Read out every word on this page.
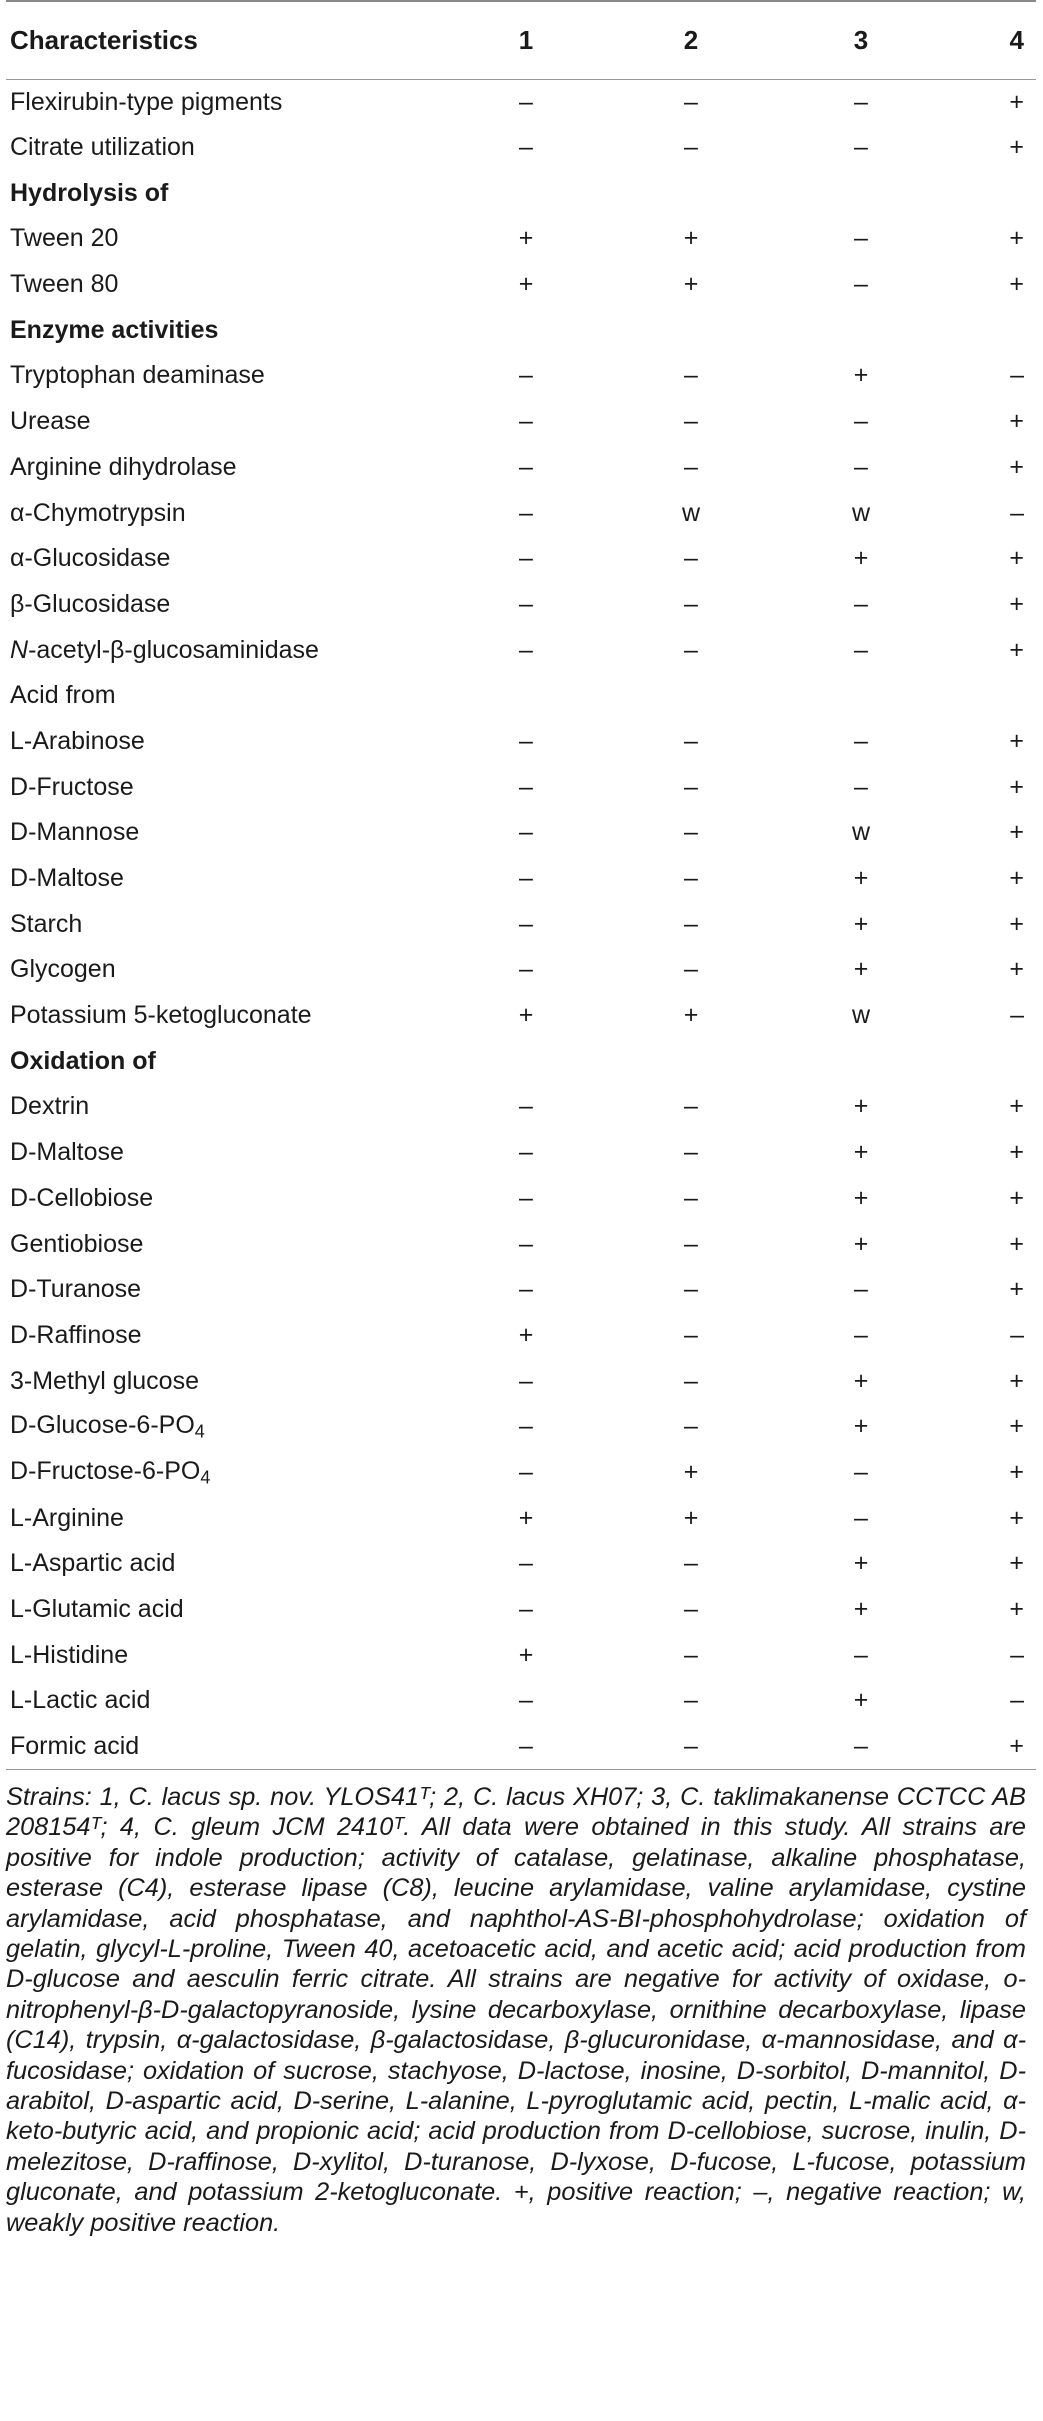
Characteristics	1	2	3	4
Flexirubin-type pigments	–	–	–	+
Citrate utilization	–	–	–	+
Hydrolysis of				
Tween 20	+	+	–	+
Tween 80	+	+	–	+
Enzyme activities				
Tryptophan deaminase	–	–	+	–
Urease	–	–	–	+
Arginine dihydrolase	–	–	–	+
α-Chymotrypsin	–	w	w	–
α-Glucosidase	–	–	+	+
β-Glucosidase	–	–	–	+
N-acetyl-β-glucosaminidase	–	–	–	+
Acid from				
L-Arabinose	–	–	–	+
D-Fructose	–	–	–	+
D-Mannose	–	–	w	+
D-Maltose	–	–	+	+
Starch	–	–	+	+
Glycogen	–	–	+	+
Potassium 5-ketogluconate	+	+	w	–
Oxidation of				
Dextrin	–	–	+	+
D-Maltose	–	–	+	+
D-Cellobiose	–	–	+	+
Gentiobiose	–	–	+	+
D-Turanose	–	–	–	+
D-Raffinose	+	–	–	–
3-Methyl glucose	–	–	+	+
$D-Glucose-6-PO_4$	–	–	+	+
$D-Fructose-6-PO_4$	–	+	–	+
L-Arginine	+	+	–	+
L-Aspartic acid	–	–	+	+
L-Glutamic acid	–	–	+	+
L-Histidine	+	–	–	–
L-Lactic acid	–	–	+	–
Formic acid	–	–	–	+

Strains: 1, C. lacus sp. nov. YLOS41ᵀ; 2, C. lacus XH07; 3, C. taklimakanense CCTCC AB 208154ᵀ; 4, C. gleum JCM 2410ᵀ. All data were obtained in this study. All strains are positive for indole production; activity of catalase, gelatinase, alkaline phosphatase, esterase (C4), esterase lipase (C8), leucine arylamidase, valine arylamidase, cystine arylamidase, acid phosphatase, and naphthol-AS-BI-phosphohydrolase; oxidation of gelatin, glycyl-L-proline, Tween 40, acetoacetic acid, and acetic acid; acid production from D-glucose and aesculin ferric citrate. All strains are negative for activity of oxidase, o-nitrophenyl-β-D-galactopyranoside, lysine decarboxylase, ornithine decarboxylase, lipase (C14), trypsin, α-galactosidase, β-galactosidase, β-glucuronidase, α-mannosidase, and α-fucosidase; oxidation of sucrose, stachyose, D-lactose, inosine, D-sorbitol, D-mannitol, D-arabitol, D-aspartic acid, D-serine, L-alanine, L-pyroglutamic acid, pectin, L-malic acid, α-keto-butyric acid, and propionic acid; acid production from D-cellobiose, sucrose, inulin, D-melezitose, D-raffinose, D-xylitol, D-turanose, D-lyxose, D-fucose, L-fucose, potassium gluconate, and potassium 2-ketogluconate. +, positive reaction; –, negative reaction; w, weakly positive reaction.
